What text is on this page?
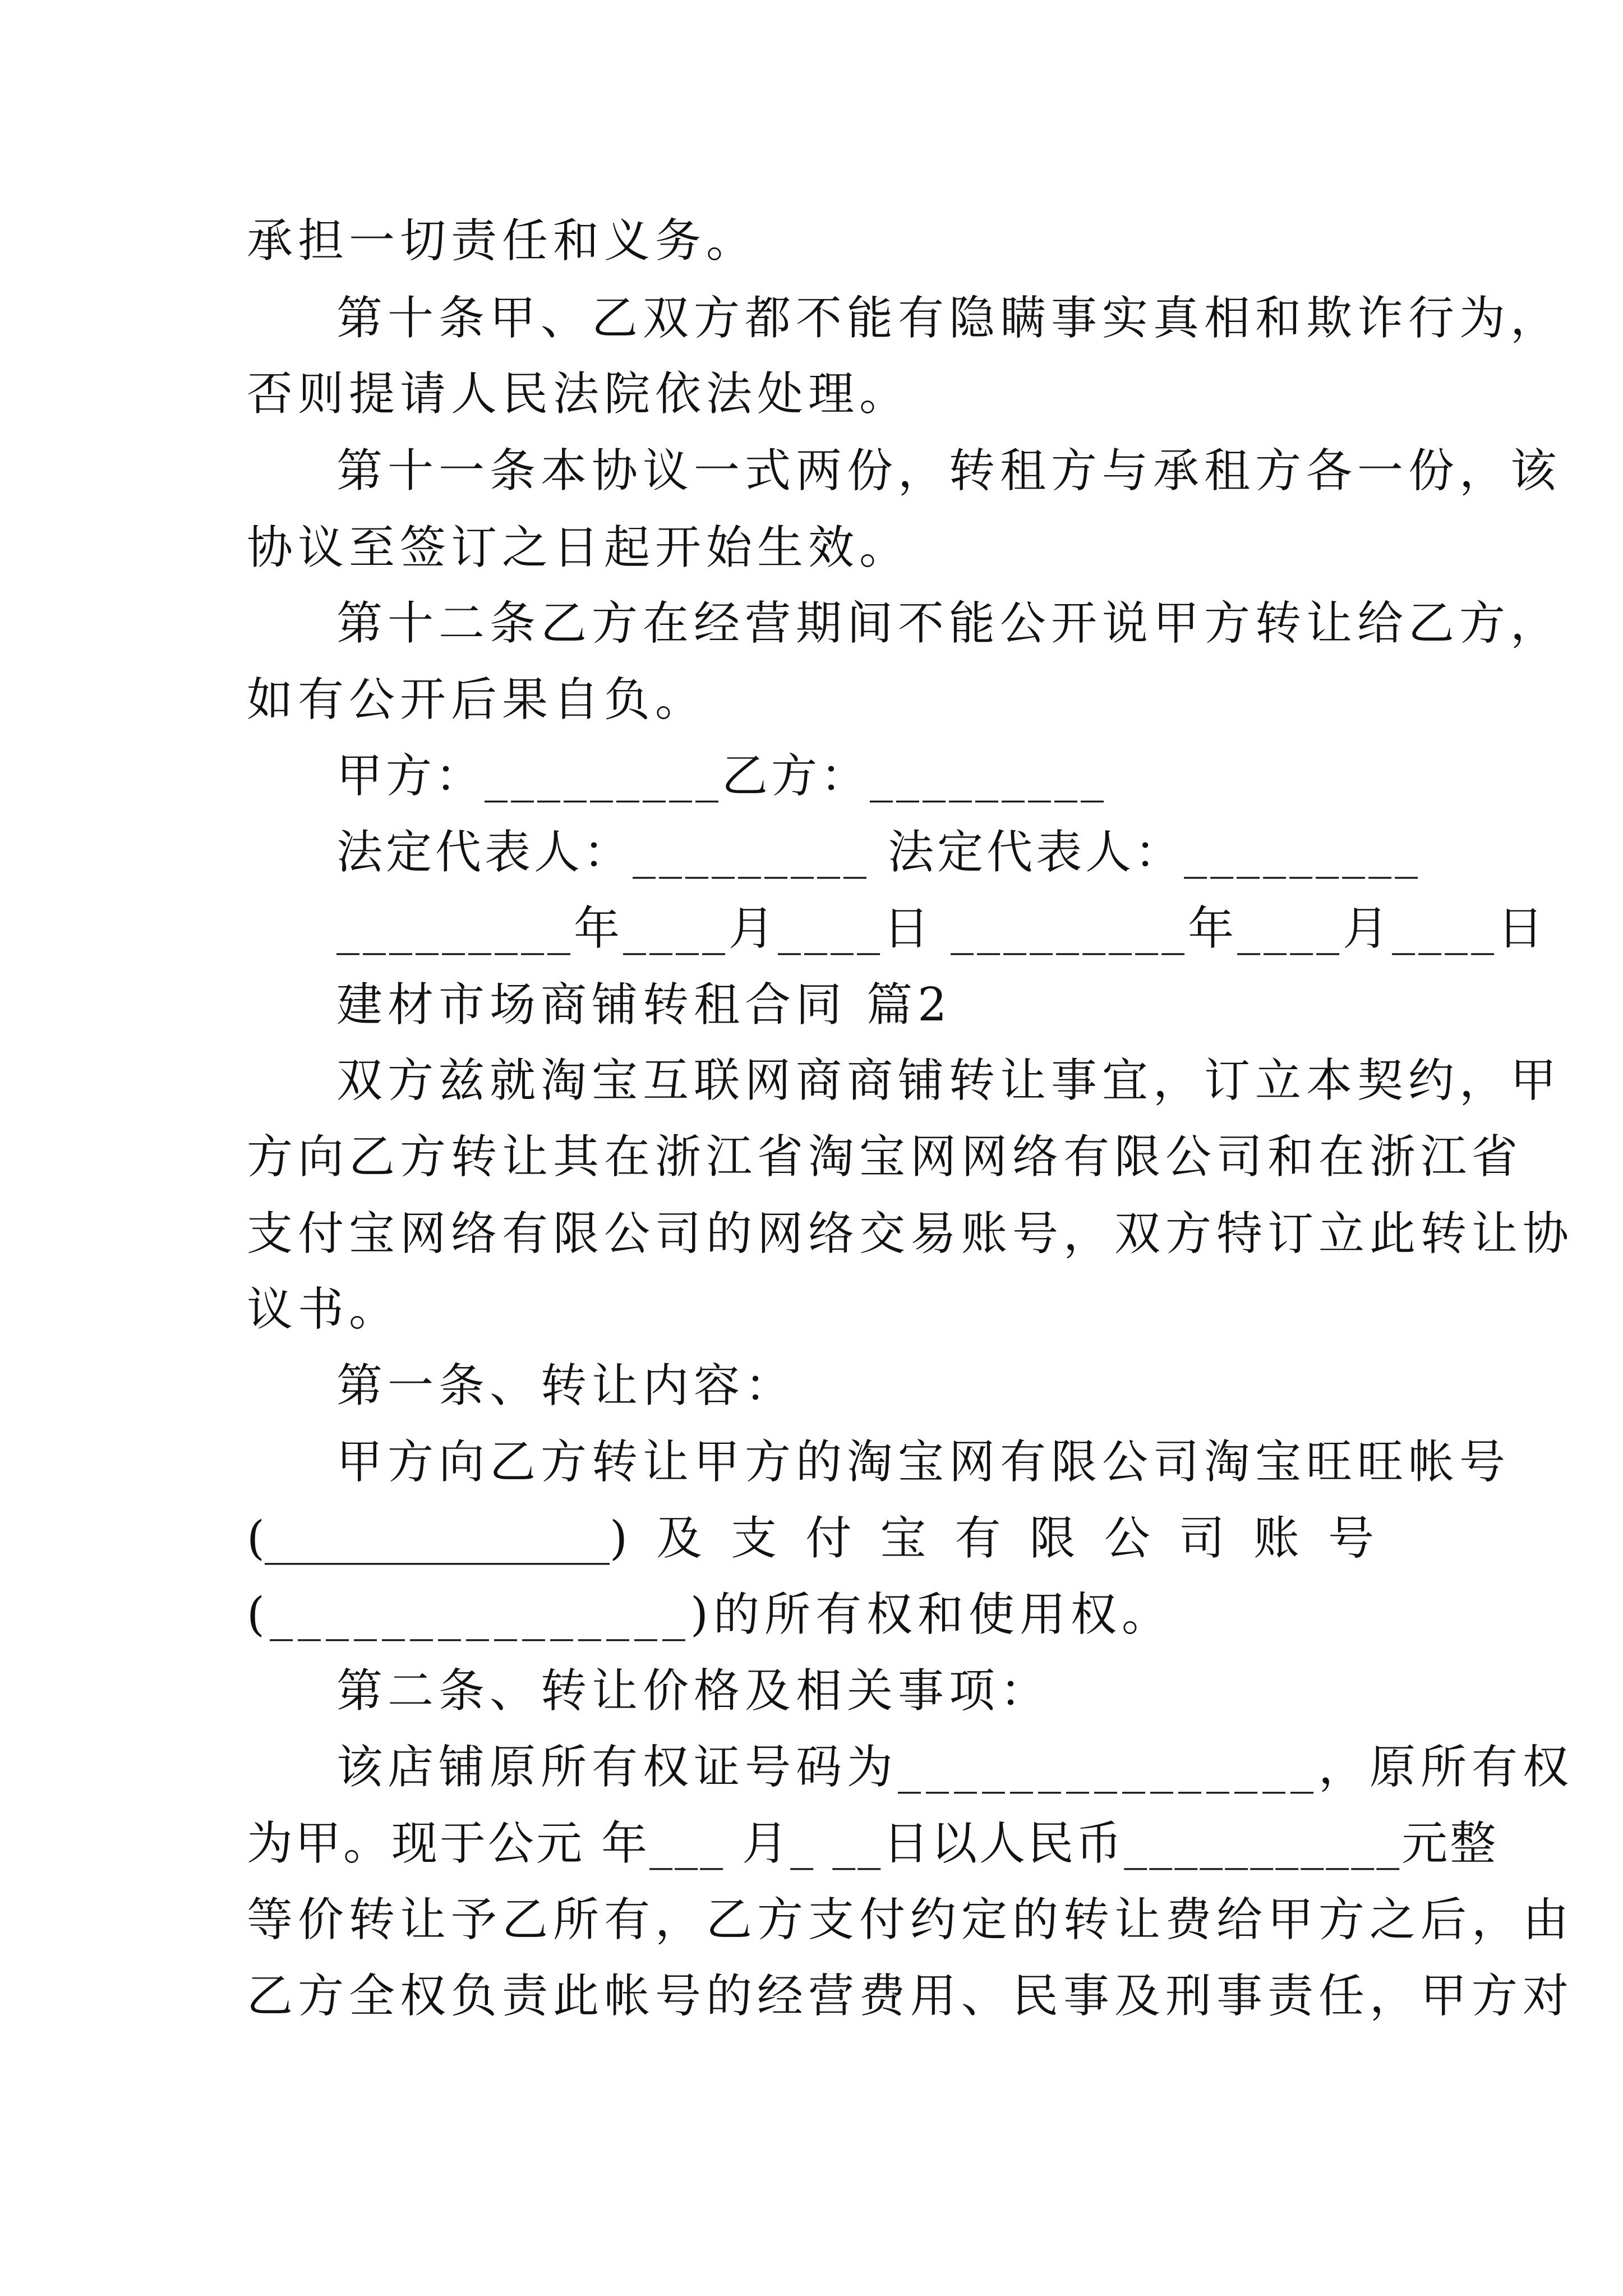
承担一切责任和义务。

第十条甲、乙双方都不能有隐瞒事实真相和欺诈行为，

否则提请人民法院依法处理。

第十一条本协议一式两份，转租方与承租方各一份，该

协议至签订之日起开始生效。

第十二条乙方在经营期间不能公开说甲方转让给乙方，

如有公开后果自负。

甲方：_________乙方：_________

法定代表人：_________ 法定代表人：_________

_________年____月____日 _________年____月____日

建材市场商铺转租合同 篇2

双方兹就淘宝互联网商商铺转让事宜，订立本契约，甲

方向乙方转让其在浙江省淘宝网网络有限公司和在浙江省

支付宝网络有限公司的网络交易账号，双方特订立此转让协

议书。

第一条、转让内容：

甲方向乙方转让甲方的淘宝网有限公司淘宝旺旺帐号

(_______________)及支付宝有限公司账号

(_______________)的所有权和使用权。

第二条、转让价格及相关事项：

该店铺原所有权证号码为_______________，原所有权

为甲。现于公元 年___ 月_ __日以人民币___________元整

等价转让予乙所有，乙方支付约定的转让费给甲方之后，由

乙方全权负责此帐号的经营费用、民事及刑事责任，甲方对
